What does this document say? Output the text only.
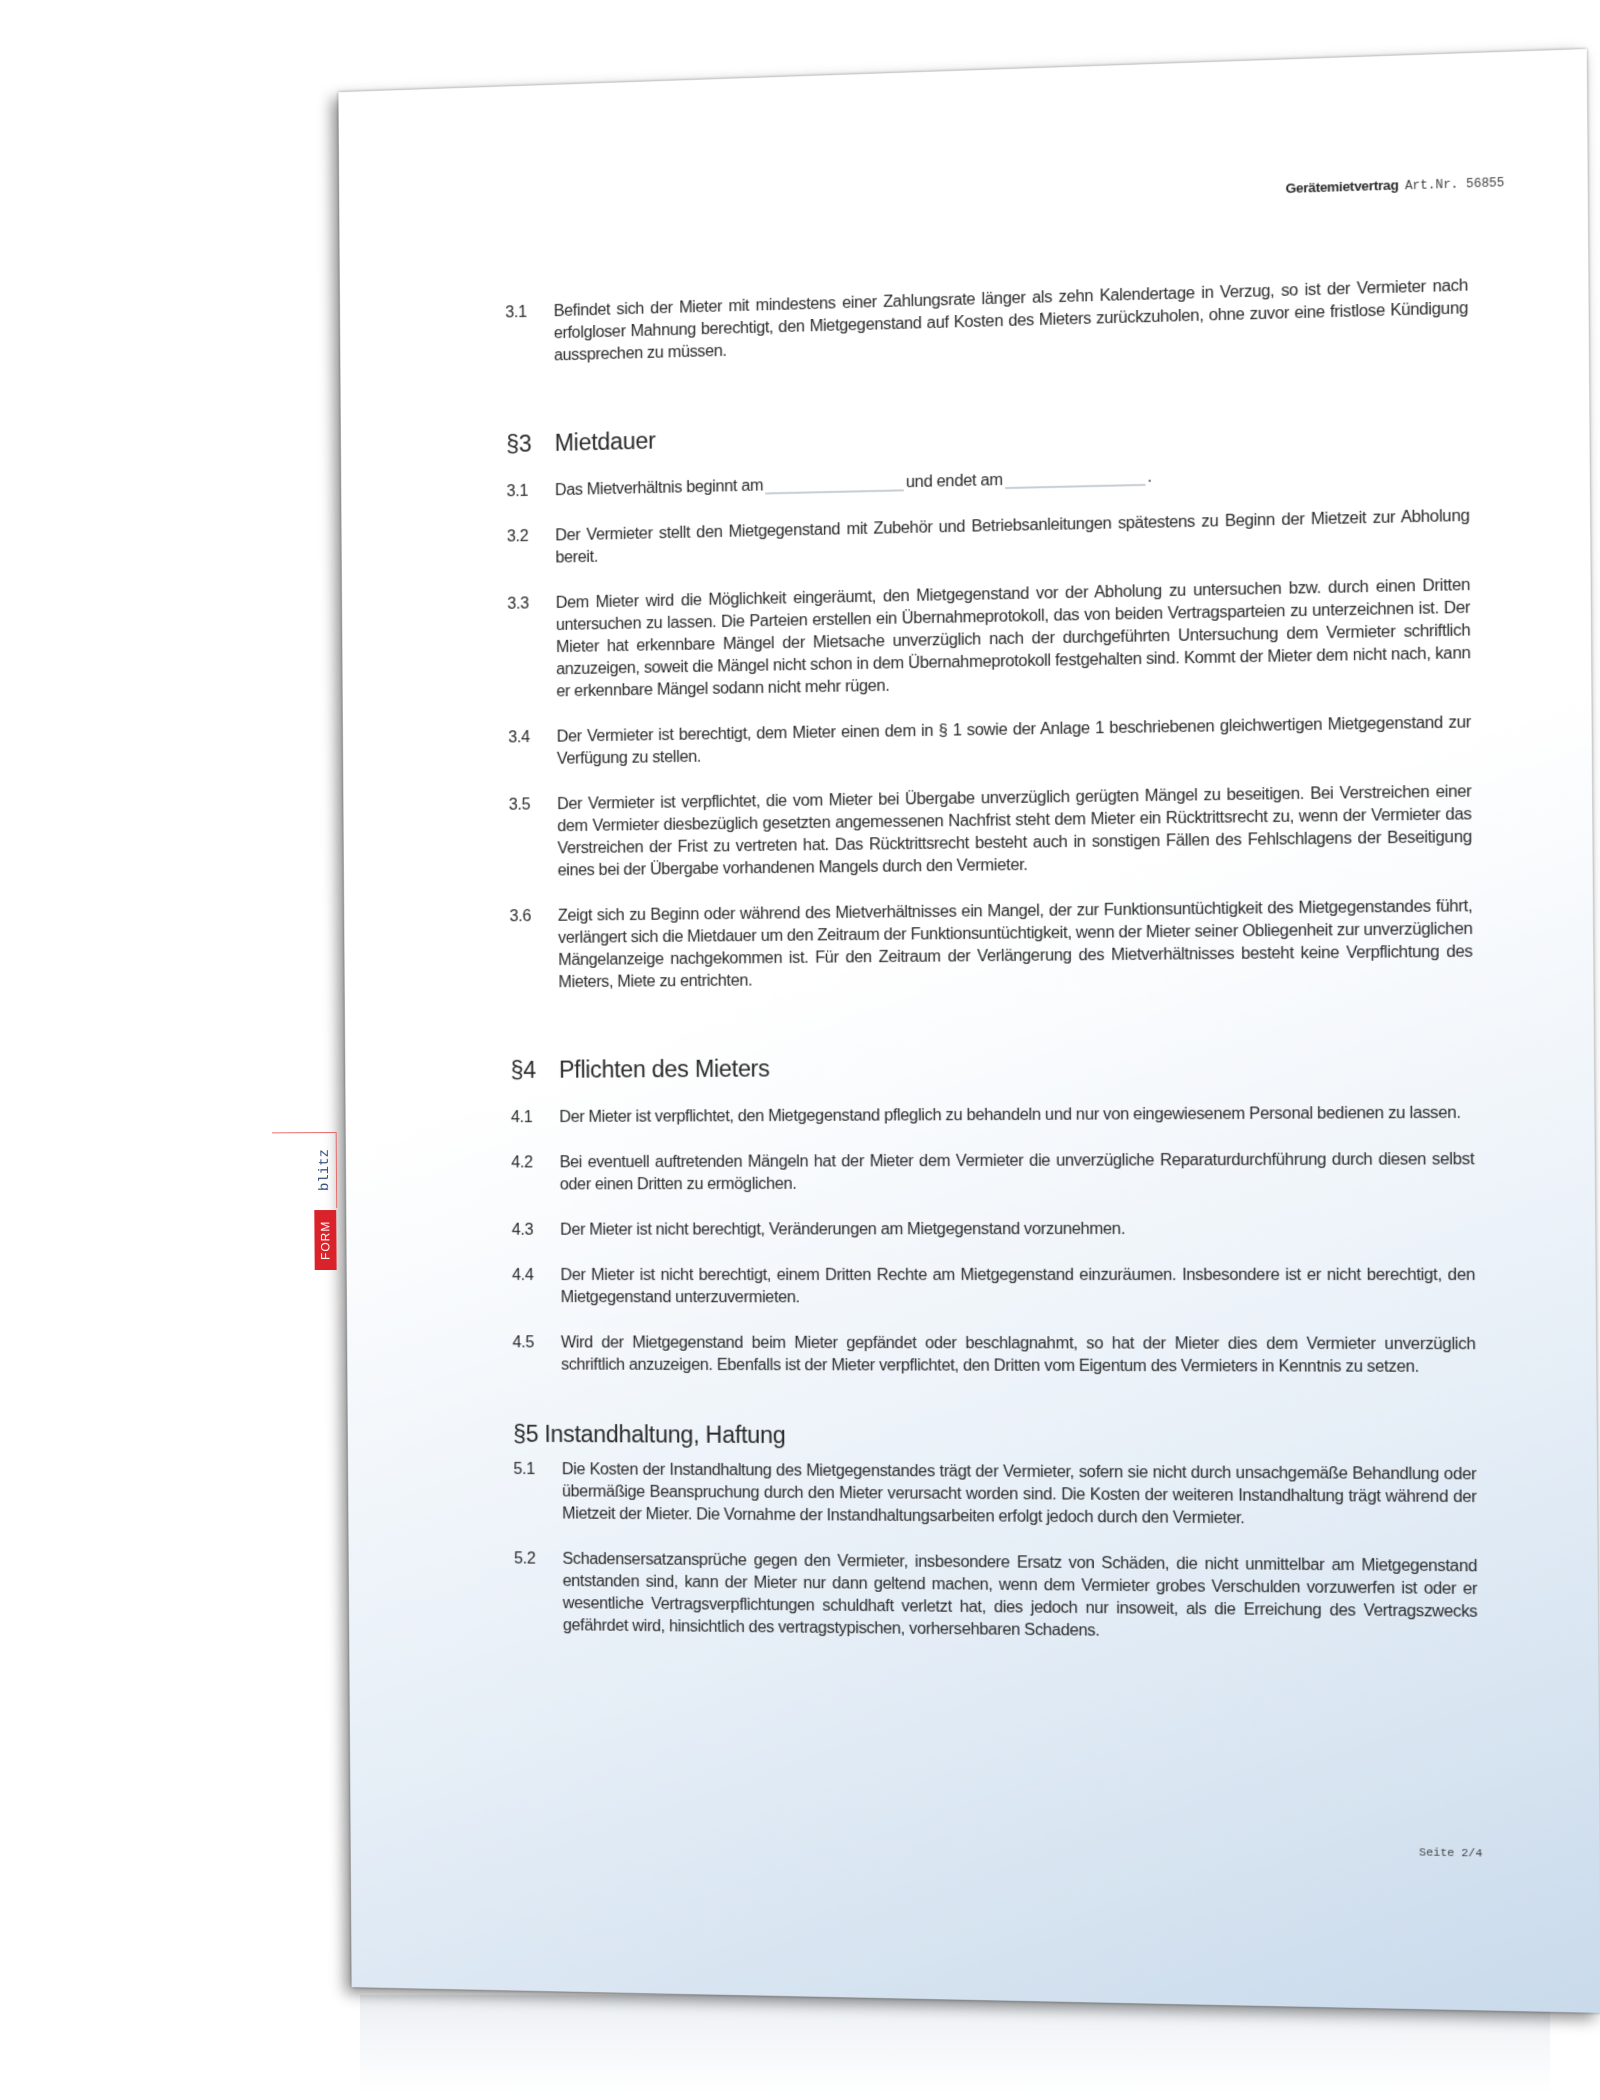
Gerätemietvertrag Art.Nr. 56855
blitz
FORM
3.1	Befindet sich der Mieter mit mindestens einer Zahlungsrate länger als zehn Kalendertage in Verzug, so ist der Vermieter nach erfolgloser Mahnung berechtigt, den Mietgegenstand auf Kosten des Mieters zurückzuholen, ohne zuvor eine fristlose Kündigung aussprechen zu müssen.
§3	Mietdauer
3.1	Das Mietverhältnis beginnt am	und endet am	.
3.2	Der Vermieter stellt den Mietgegenstand mit Zubehör und Betriebsanleitungen spätestens zu Beginn der Mietzeit zur Abholung bereit.
3.3	Dem Mieter wird die Möglichkeit eingeräumt, den Mietgegenstand vor der Abholung zu untersuchen bzw. durch einen Dritten untersuchen zu lassen. Die Parteien erstellen ein Übernahmeprotokoll, das von beiden Vertragsparteien zu unterzeichnen ist. Der Mieter hat erkennbare Mängel der Mietsache unverzüglich nach der durchgeführten Untersuchung dem Vermieter schriftlich anzuzeigen, soweit die Mängel nicht schon in dem Übernahmeprotokoll festgehalten sind. Kommt der Mieter dem nicht nach, kann er erkennbare Mängel sodann nicht mehr rügen.
3.4	Der Vermieter ist berechtigt, dem Mieter einen dem in § 1 sowie der Anlage 1 beschriebenen gleichwertigen Mietgegenstand zur Verfügung zu stellen.
3.5	Der Vermieter ist verpflichtet, die vom Mieter bei Übergabe unverzüglich gerügten Mängel zu beseitigen. Bei Verstreichen einer dem Vermieter diesbezüglich gesetzten angemessenen Nachfrist steht dem Mieter ein Rücktrittsrecht zu, wenn der Vermieter das Verstreichen der Frist zu vertreten hat. Das Rücktrittsrecht besteht auch in sonstigen Fällen des Fehlschlagens der Beseitigung eines bei der Übergabe vorhandenen Mangels durch den Vermieter.
3.6	Zeigt sich zu Beginn oder während des Mietverhältnisses ein Mangel, der zur Funktionsuntüchtigkeit des Mietgegenstandes führt, verlängert sich die Mietdauer um den Zeitraum der Funktionsuntüchtigkeit, wenn der Mieter seiner Obliegenheit zur unverzüglichen Mängelanzeige nachgekommen ist. Für den Zeitraum der Verlängerung des Mietverhältnisses besteht keine Verpflichtung des Mieters, Miete zu entrichten.
§4	Pflichten des Mieters
4.1	Der Mieter ist verpflichtet, den Mietgegenstand pfleglich zu behandeln und nur von eingewiesenem Personal bedienen zu lassen.
4.2	Bei eventuell auftretenden Mängeln hat der Mieter dem Vermieter die unverzügliche Reparaturdurchführung durch diesen selbst oder einen Dritten zu ermöglichen.
4.3	Der Mieter ist nicht berechtigt, Veränderungen am Mietgegenstand vorzunehmen.
4.4	Der Mieter ist nicht berechtigt, einem Dritten Rechte am Mietgegenstand einzuräumen. Insbesondere ist er nicht berechtigt, den Mietgegenstand unterzuvermieten.
4.5	Wird der Mietgegenstand beim Mieter gepfändet oder beschlagnahmt, so hat der Mieter dies dem Vermieter unverzüglich schriftlich anzuzeigen. Ebenfalls ist der Mieter verpflichtet, den Dritten vom Eigentum des Vermieters in Kenntnis zu setzen.
§5 Instandhaltung, Haftung
5.1	Die Kosten der Instandhaltung des Mietgegenstandes trägt der Vermieter, sofern sie nicht durch unsachgemäße Behandlung oder übermäßige Beanspruchung durch den Mieter verursacht worden sind. Die Kosten der weiteren Instandhaltung trägt während der Mietzeit der Mieter. Die Vornahme der Instandhaltungsarbeiten erfolgt jedoch durch den Vermieter.
5.2	Schadensersatzansprüche gegen den Vermieter, insbesondere Ersatz von Schäden, die nicht unmittelbar am Mietgegenstand entstanden sind, kann der Mieter nur dann geltend machen, wenn dem Vermieter grobes Verschulden vorzuwerfen ist oder er wesentliche Vertragsverpflichtungen schuldhaft verletzt hat, dies jedoch nur insoweit, als die Erreichung des Vertragszwecks gefährdet wird, hinsichtlich des vertragstypischen, vorhersehbaren Schadens.
Seite 2/4
